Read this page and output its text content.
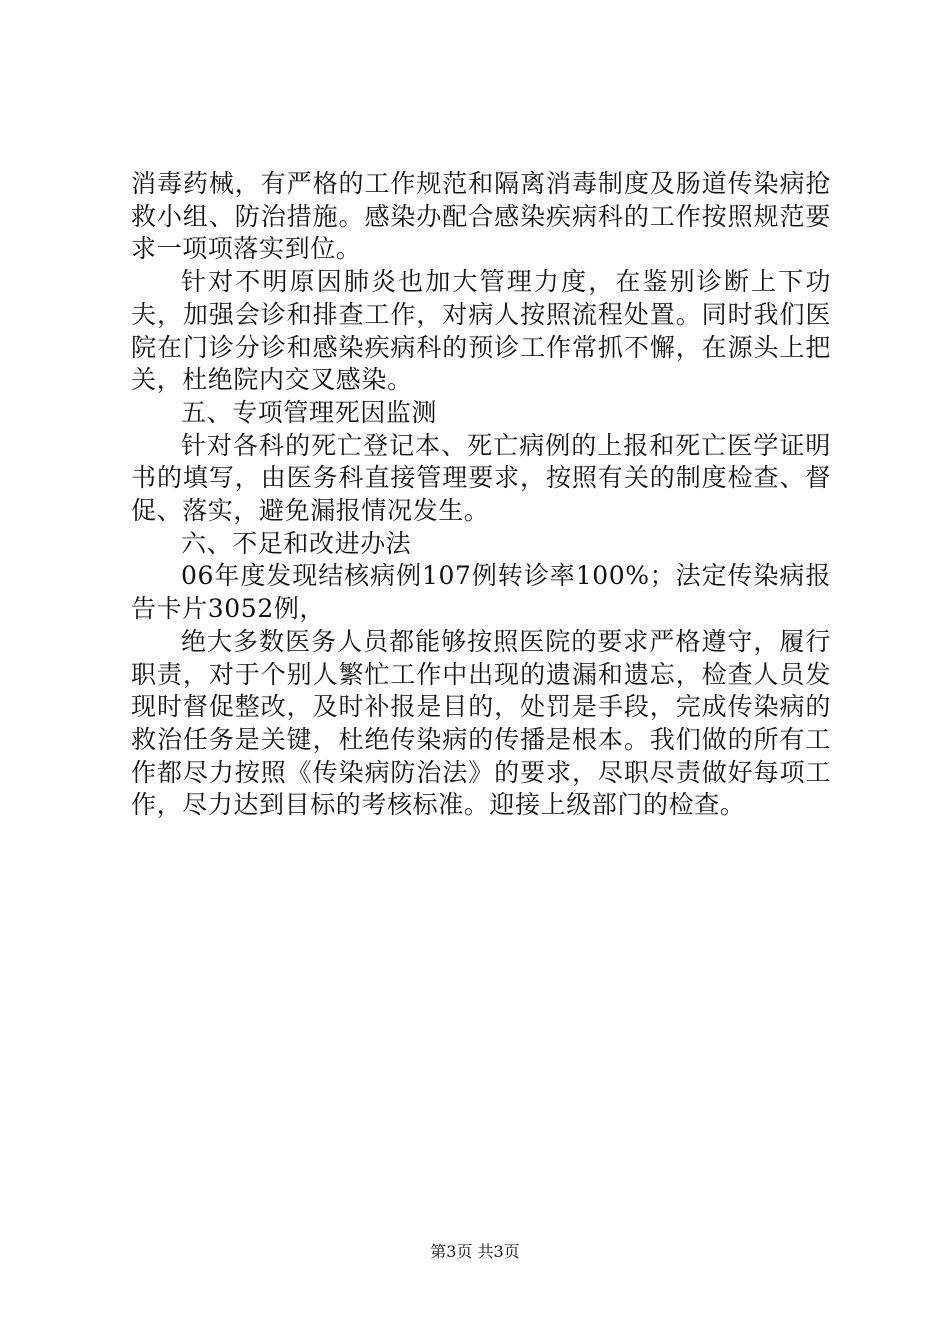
消毒药械，有严格的工作规范和隔离消毒制度及肠道传染病抢救小组、防治措施。感染办配合感染疾病科的工作按照规范要求一项项落实到位。

针对不明原因肺炎也加大管理力度，在鉴别诊断上下功夫，加强会诊和排查工作，对病人按照流程处置。同时我们医院在门诊分诊和感染疾病科的预诊工作常抓不懈，在源头上把关，杜绝院内交叉感染。

五、专项管理死因监测

针对各科的死亡登记本、死亡病例的上报和死亡医学证明书的填写，由医务科直接管理要求，按照有关的制度检查、督促、落实，避免漏报情况发生。

六、不足和改进办法

06年度发现结核病例107例转诊率100%；法定传染病报告卡片3052例，

绝大多数医务人员都能够按照医院的要求严格遵守，履行职责，对于个别人繁忙工作中出现的遗漏和遗忘，检查人员发现时督促整改，及时补报是目的，处罚是手段，完成传染病的救治任务是关键，杜绝传染病的传播是根本。我们做的所有工作都尽力按照《传染病防治法》的要求，尽职尽责做好每项工作，尽力达到目标的考核标准。迎接上级部门的检查。

第3页 共3页
